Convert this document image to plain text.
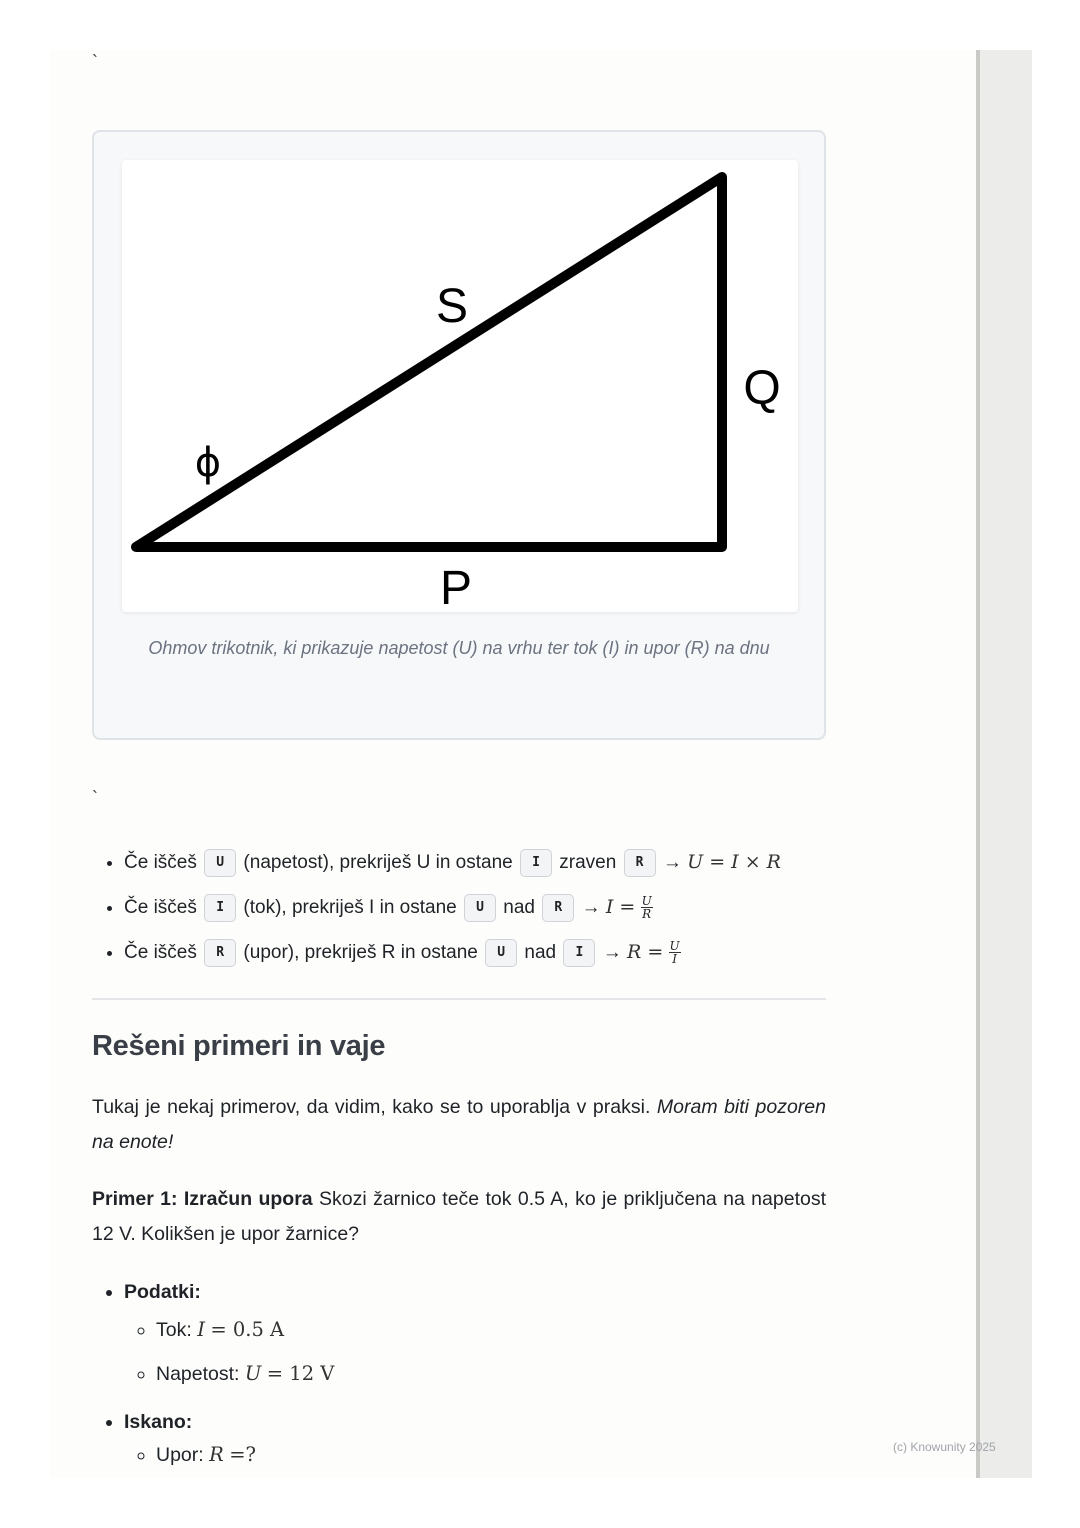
`
S
Q
P
ϕ
Ohmov trikotnik, ki prikazuje napetost (U) na vrhu ter tok (I) in upor (R) na dnu
`
• Če iščeš U (napetost), prekriješ U in ostane I zraven R → U = I × R
• Če iščeš I (tok), prekriješ I in ostane U nad $R \to I = \frac{U}{R}$
• Če iščeš R (upor), prekriješ R in ostane U nad $I \to R = \frac{U}{I}$
Rešeni primeri in vaje

Tukaj je nekaj primerov, da vidim, kako se to uporablja v praksi. Moram biti pozoren na enote!

Primer 1: Izračun upora Skozi žarnico teče tok 0.5 A, ko je priključena na napetost 12 V. Kolikšen je upor žarnice?

• Podatki:
◦ Tok: I = 0.5 A
◦ Napetost: U = 12 V
• Iskano:
◦ Upor: R =?	(c) Knowunity 2025
